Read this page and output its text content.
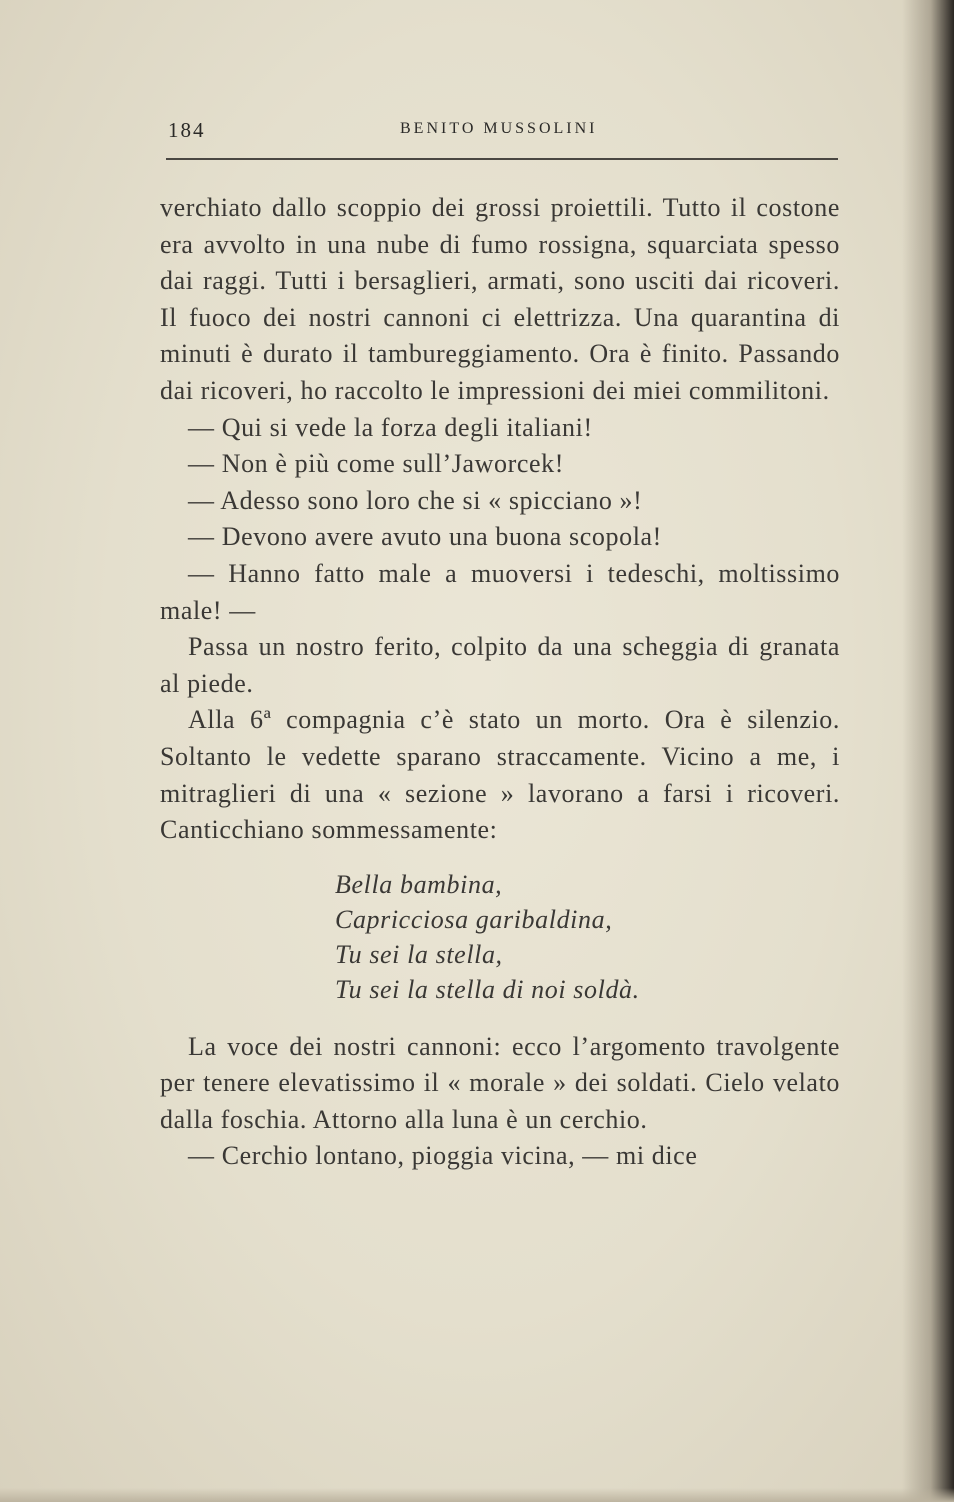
184	BENITO MUSSOLINI

verchiato dallo scoppio dei grossi proiettili. Tutto il costone era avvolto in una nube di fumo rossigna, squarciata spesso dai raggi. Tutti i bersaglieri, armati, sono usciti dai ricoveri. Il fuoco dei nostri cannoni ci elettrizza. Una quarantina di minuti è durato il tambureggiamento. Ora è finito. Passando dai ricoveri, ho raccolto le impressioni dei miei commilitoni.

— Qui si vede la forza degli italiani!

— Non è più come sull’Jaworcek!

— Adesso sono loro che si « spicciano »!

— Devono avere avuto una buona scopola!

— Hanno fatto male a muoversi i tedeschi, moltissimo male! —

Passa un nostro ferito, colpito da una scheggia di granata al piede.

Alla 6ª compagnia c’è stato un morto. Ora è silenzio. Soltanto le vedette sparano straccamente. Vicino a me, i mitraglieri di una « sezione » lavorano a farsi i ricoveri. Canticchiano sommessamente:

Bella bambina,
Capricciosa garibaldina,
Tu sei la stella,
Tu sei la stella di noi soldà.

La voce dei nostri cannoni: ecco l’argomento travolgente per tenere elevatissimo il « morale » dei soldati. Cielo velato dalla foschia. Attorno alla luna è un cerchio.

— Cerchio lontano, pioggia vicina, — mi dice
